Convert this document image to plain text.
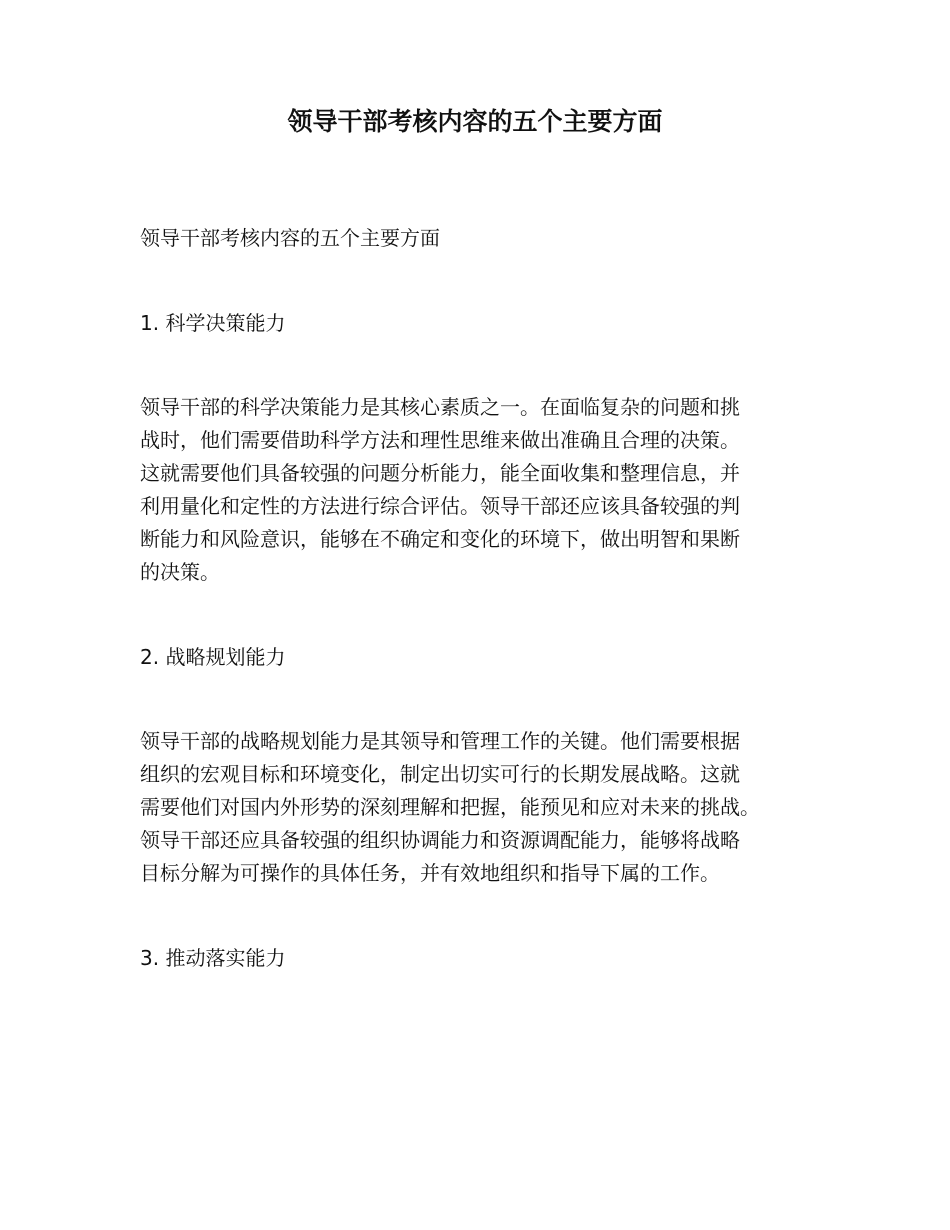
领导干部考核内容的五个主要方面

领导干部考核内容的五个主要方面

1. 科学决策能力

领导干部的科学决策能力是其核心素质之一。在面临复杂的问题和挑

战时，他们需要借助科学方法和理性思维来做出准确且合理的决策。

这就需要他们具备较强的问题分析能力，能全面收集和整理信息，并

利用量化和定性的方法进行综合评估。领导干部还应该具备较强的判

断能力和风险意识，能够在不确定和变化的环境下，做出明智和果断

的决策。

2. 战略规划能力

领导干部的战略规划能力是其领导和管理工作的关键。他们需要根据

组织的宏观目标和环境变化，制定出切实可行的长期发展战略。这就

需要他们对国内外形势的深刻理解和把握，能预见和应对未来的挑战。

领导干部还应具备较强的组织协调能力和资源调配能力，能够将战略

目标分解为可操作的具体任务，并有效地组织和指导下属的工作。

3. 推动落实能力
